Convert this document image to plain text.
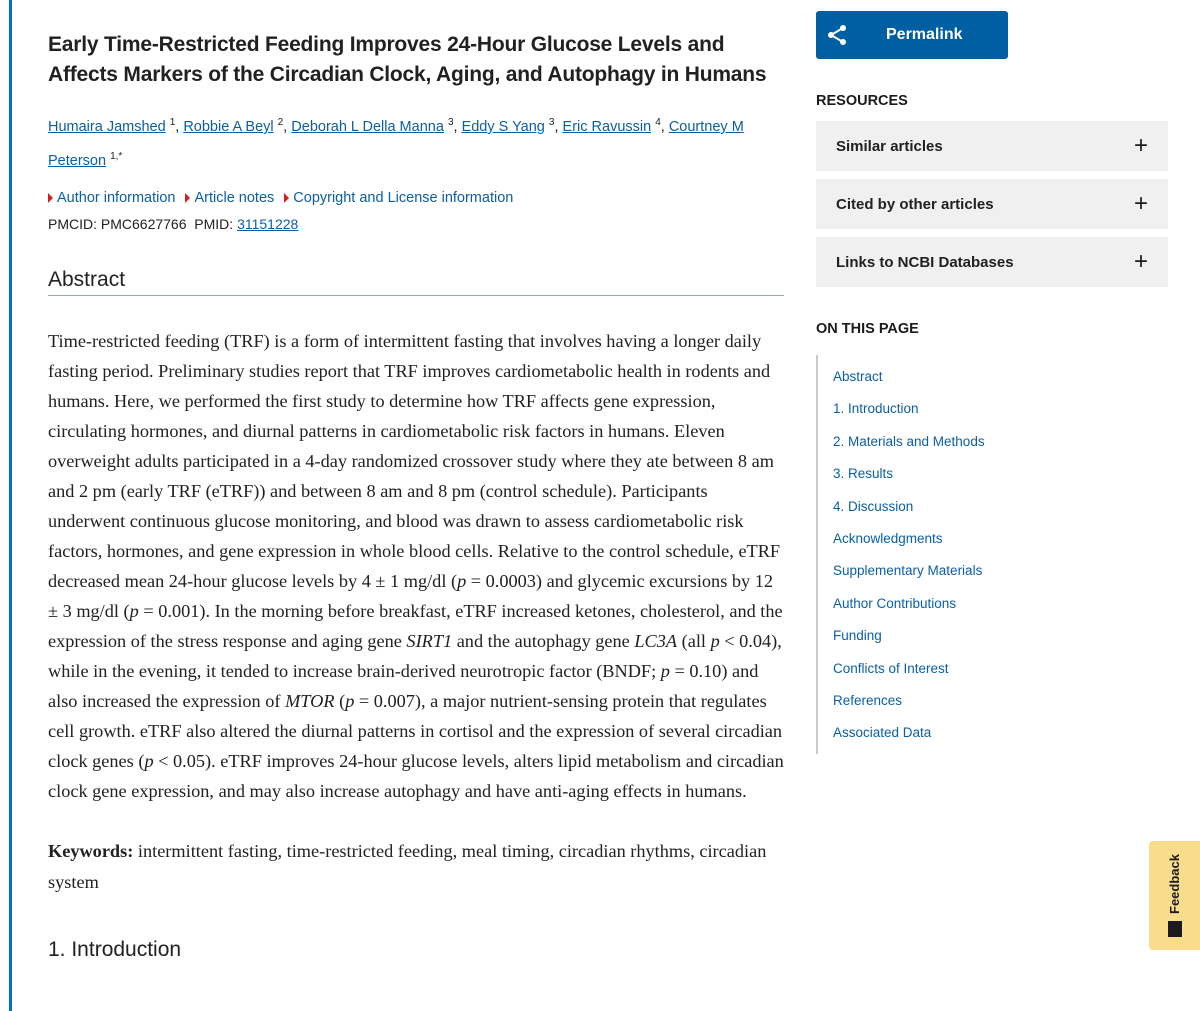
Early Time-Restricted Feeding Improves 24-Hour Glucose Levels and Affects Markers of the Circadian Clock, Aging, and Autophagy in Humans
Humaira Jamshed $^1$, Robbie A Beyl $^2$, Deborah L Della Manna $^3$, Eddy S Yang $^3$, Eric Ravussin $^4$, Courtney M Peterson $^{1,*}$
Author information Article notes Copyright and License information
PMCID: PMC6627766 PMID: 31151228
Abstract

Time-restricted feeding (TRF) is a form of intermittent fasting that involves having a longer daily fasting period. Preliminary studies report that TRF improves cardiometabolic health in rodents and humans. Here, we performed the first study to determine how TRF affects gene expression, circulating hormones, and diurnal patterns in cardiometabolic risk factors in humans. Eleven overweight adults participated in a 4-day randomized crossover study where they ate between 8 am and 2 pm (early TRF (eTRF)) and between 8 am and 8 pm (control schedule). Participants underwent continuous glucose monitoring, and blood was drawn to assess cardiometabolic risk factors, hormones, and gene expression in whole blood cells. Relative to the control schedule, eTRF decreased mean 24-hour glucose levels by 4 ± 1 mg/dl (p = 0.0003) and glycemic excursions by 12 ± 3 mg/dl (p = 0.001). In the morning before breakfast, eTRF increased ketones, cholesterol, and the expression of the stress response and aging gene SIRT1 and the autophagy gene LC3A (all p < 0.04), while in the evening, it tended to increase brain-derived neurotropic factor (BNDF; p = 0.10) and also increased the expression of MTOR (p = 0.007), a major nutrient-sensing protein that regulates cell growth. eTRF also altered the diurnal patterns in cortisol and the expression of several circadian clock genes (p < 0.05). eTRF improves 24-hour glucose levels, alters lipid metabolism and circadian clock gene expression, and may also increase autophagy and have anti-aging effects in humans.

Keywords: intermittent fasting, time-restricted feeding, meal timing, circadian rhythms, circadian system

1. Introduction
Permalink
RESOURCES
Similar articles	+
Cited by other articles	+
Links to NCBI Databases	+
ON THIS PAGE
Abstract
1. Introduction
2. Materials and Methods
3. Results
4. Discussion
Acknowledgments
Supplementary Materials
Author Contributions
Funding
Conflicts of Interest
References
Associated Data
Feedback
